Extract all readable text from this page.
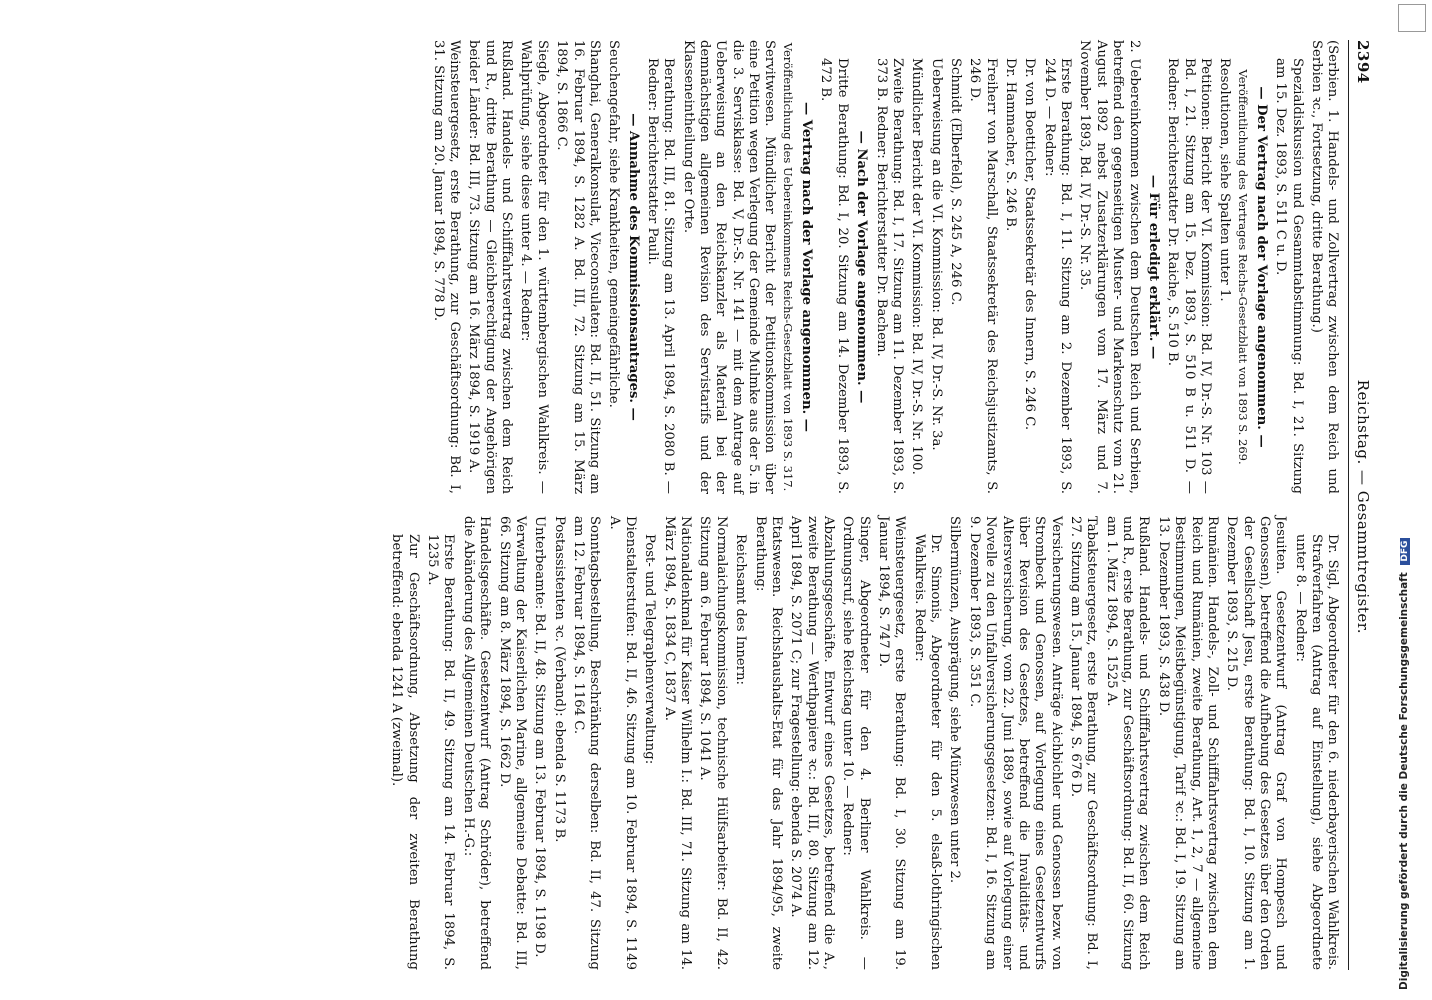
2394
Reichstag. — Gesammtregister.

(Serbien. 1. Handels- und Zollvertrag zwischen dem Reich und Serbien ꝛc., Fortsetzung, dritte Berathung.)

Spezialdiskussion und Gesammtabstimmung: Bd. I, 21. Sitzung am 15. Dez. 1893, S. 511 C u. D.

— Der Vertrag nach der Vorlage angenommen. —

Veröffentlichung des Vertrages Reichs-Gesetzblatt von 1893 S. 269.

Resolutionen, siehe Spalten unter 1.

Petitionen: Bericht der VI. Kommission: Bd. IV, Dr.-S. Nr. 103 — Bd. I, 21. Sitzung am 15. Dez. 1893, S. 510 B u. 511 D. — Redner: Berichterstatter Dr. Raiche, S. 510 B.

— Für erledigt erklärt. —

2. Uebereinkommen zwischen dem Deutschen Reich und Serbien, betreffend den gegenseitigen Muster- und Markenschutz vom 21. August 1892 nebst Zusatzerklärungen vom 17. März und 7. November 1893, Bd. IV, Dr.-S. Nr. 35.

Erste Berathung: Bd. I, 11. Sitzung am 2. Dezember 1893, S. 244 D. — Redner:

Dr. von Boetticher, Staatssekretär des Innern, S. 246 C.

Dr. Hammacher, S. 246 B.

Freiherr von Marschall, Staatssekretär des Reichsjustizamts, S. 246 D.

Schmidt (Elberfeld), S. 245 A, 246 C.

Ueberweisung an die VI. Kommission: Bd. IV, Dr.-S. Nr. 3a.

Mündlicher Bericht der VI. Kommission: Bd. IV, Dr.-S. Nr. 100.

Zweite Berathung: Bd. I, 17. Sitzung am 11. Dezember 1893, S. 373 B. Redner: Berichterstatter Dr. Bachem.

— Nach der Vorlage angenommen. —

Dritte Berathung: Bd. I, 20. Sitzung am 14. Dezember 1893, S. 472 B.

— Vertrag nach der Vorlage angenommen. —

Veröffentlichung des Uebereinkommens Reichs-Gesetzblatt von 1893 S. 317.

Servitwesen. Mündlicher Bericht der Petitionskommission über eine Petition wegen Verlegung der Gemeinde Mulmke aus der 5. in die 3. Servisklasse: Bd. V, Dr.-S. Nr. 141 — mit dem Antrage auf Ueberweisung an den Reichskanzler als Material bei der demnächstigen allgemeinen Revision des Servistarifs und der Klasseneintheilung der Orte.

Berathung: Bd. III, 81. Sitzung am 13. April 1894, S. 2080 B. — Redner: Berichterstatter Pauli.

— Annahme des Kommissionsantrages. —

Seuchengefahr, siehe Krankheiten, gemeingefährliche.

Shanghai, Generalkonsulat, Viceconsulaten: Bd. II, 51. Sitzung am 16. Februar 1894, S. 1282 A. Bd. III, 72. Sitzung am 15. März 1894, S. 1866 C.

Siegle, Abgeordneter für den 1. württembergischen Wahlkreis. — Wahlprüfung, siehe diese unter 4. — Redner:

Rußland. Handels- und Schifffahrtsvertrag zwischen dem Reich und R., dritte Berathung — Gleichberechtigung der Angehörigen beider Länder: Bd. III, 73. Sitzung am 16. März 1894, S. 1919 A.

Weinsteuergesetz, erste Berathung, zur Geschäftsordnung: Bd. I, 31. Sitzung am 20. Januar 1894, S. 778 D.

Dr. Sigl, Abgeordneter für den 6. niederbayerischen Wahlkreis. Strafverfahren (Antrag auf Einstellung), siehe Abgeordnete unter 8. — Redner:

Jesuiten. Gesetzentwurf (Antrag Graf von Hompesch und Genossen), betreffend die Aufhebung des Gesetzes über den Orden der Gesellschaft Jesu, erste Berathung: Bd. I, 10. Sitzung am 1. Dezember 1893, S. 215 D.

Rumänien. Handels-, Zoll- und Schifffahrtsvertrag zwischen dem Reich und Rumänien, zweite Berathung, Art. 1, 2, 7 — allgemeine Bestimmungen, Meistbegünstigung, Tarif ꝛc.: Bd. I, 19. Sitzung am 13. Dezember 1893, S. 438 D.

Rußland. Handels- und Schifffahrtsvertrag zwischen dem Reich und R., erste Berathung, zur Geschäftsordnung: Bd. II, 60. Sitzung am 1. März 1894, S. 1525 A.

Tabaksteuergesetz, erste Berathung, zur Geschäftsordnung: Bd. I, 27. Sitzung am 15. Januar 1894, S. 676 D.

Versicherungswesen. Anträge Aichbichler und Genossen bezw. von Strombeck und Genossen, auf Vorlegung eines Gesetzentwurfs über Revision des Gesetzes, betreffend die Invaliditäts- und Altersversicherung, vom 22. Juni 1889, sowie auf Vorlegung einer Novelle zu den Unfallversicherungsgesetzen: Bd. I, 16. Sitzung am 9. Dezember 1893, S. 351 C.

Silbermünzen, Ausprägung, siehe Münzwesen unter 2.

Dr. Simonis, Abgeordneter für den 5. elsaß-lothringischen Wahlkreis. Redner:

Weinsteuergesetz, erste Berathung: Bd. I, 30. Sitzung am 19. Januar 1894, S. 747 D.

Singer, Abgeordneter für den 4. Berliner Wahlkreis. — Ordnungsruf, siehe Reichstag unter 10. — Redner:

Abzahlungsgeschäfte. Entwurf eines Gesetzes, betreffend die A., zweite Berathung — Werthpapiere ꝛc.: Bd. III, 80. Sitzung am 12. April 1894, S. 2071 C; zur Fragestellung: ebenda S. 2074 A.

Etatswesen. Reichshaushalts-Etat für das Jahr 1894/95, zweite Berathung:

Reichsamt des Innern:

Normalaichungskommission, technische Hülfsarbeiter: Bd. II, 42. Sitzung am 6. Februar 1894, S. 1041 A.

Nationaldenkmal für Kaiser Wilhelm I.: Bd. III, 71. Sitzung am 14. März 1894, S. 1834 C, 1837 A.

Post- und Telegraphenverwaltung:

Dienstalterstufen: Bd. II, 46. Sitzung am 10. Februar 1894, S. 1149 A.

Sonntagsbestellung, Beschränkung derselben: Bd. II, 47. Sitzung am 12. Februar 1894, S. 1164 C.

Postassistenten ꝛc. (Verband): ebenda S. 1173 B.

Unterbeamte: Bd. II, 48. Sitzung am 13. Februar 1894, S. 1198 D.

Verwaltung der Kaiserlichen Marine, allgemeine Debatte: Bd. III, 66. Sitzung am 8. März 1894, S. 1662 D.

Handelsgeschäfte. Gesetzentwurf (Antrag Schröder), betreffend die Abänderung des Allgemeinen Deutschen H.-G.:

Erste Berathung: Bd. II, 49. Sitzung am 14. Februar 1894, S. 1235 A.

Zur Geschäftsordnung, Absetzung der zweiten Berathung betreffend: ebenda 1241 A (zweimal).	Digitalisierung gefördert durch die Deutsche Forschungsgemeinschaft DFG
